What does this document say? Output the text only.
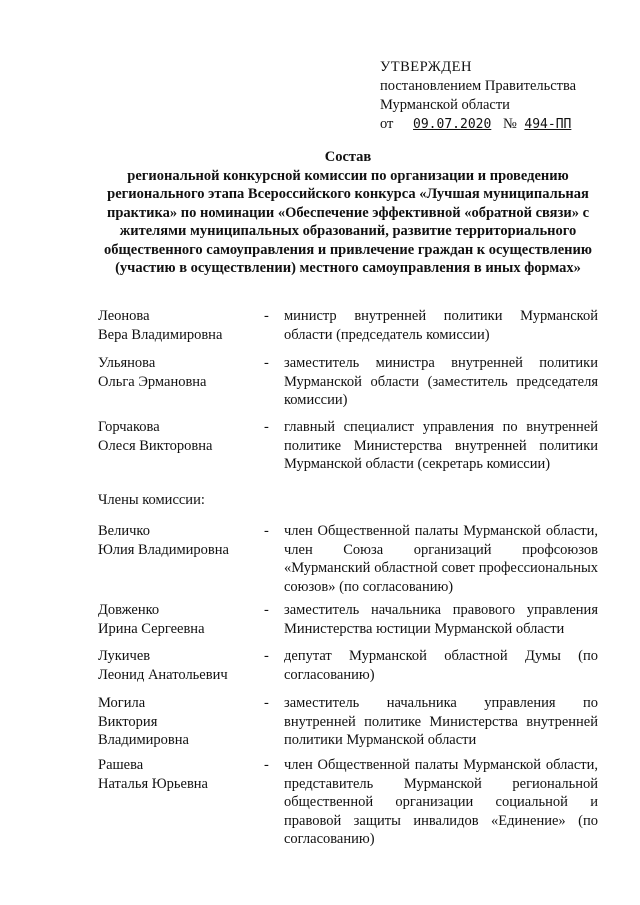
УТВЕРЖДЕН
постановлением Правительства
Мурманской области
от 09.07.2020 № 494-ПП
Состав
региональной конкурсной комиссии по организации и проведению регионального этапа Всероссийского конкурса «Лучшая муниципальная практика» по номинации «Обеспечение эффективной «обратной связи» с жителями муниципальных образований, развитие территориального общественного самоуправления и привлечение граждан к осуществлению (участию в осуществлении) местного самоуправления в иных формах»
Леонова
Вера Владимировна
-	министр внутренней политики Мурманской области (председатель комиссии)
Ульянова
Ольга Эрмановна
-	заместитель министра внутренней политики Мурманской области (заместитель председателя комиссии)
Горчакова
Олеся Викторовна
-	главный специалист управления по внутренней политике Министерства внутренней политики Мурманской области (секретарь комиссии)
Члены комиссии:
Величко
Юлия Владимировна
-	член Общественной палаты Мурманской области, член Союза организаций профсоюзов «Мурманский областной совет профессиональных союзов» (по согласованию)
Довженко
Ирина Сергеевна
-	заместитель начальника правового управления Министерства юстиции Мурманской области
Лукичев
Леонид Анатольевич
-	депутат Мурманской областной Думы (по согласованию)
Могила
Виктория Владимировна
-	заместитель начальника управления по внутренней политике Министерства внутренней политики Мурманской области
Рашева
Наталья Юрьевна
-	член Общественной палаты Мурманской области, представитель Мурманской региональной общественной организации социальной и правовой защиты инвалидов «Единение» (по согласованию)
